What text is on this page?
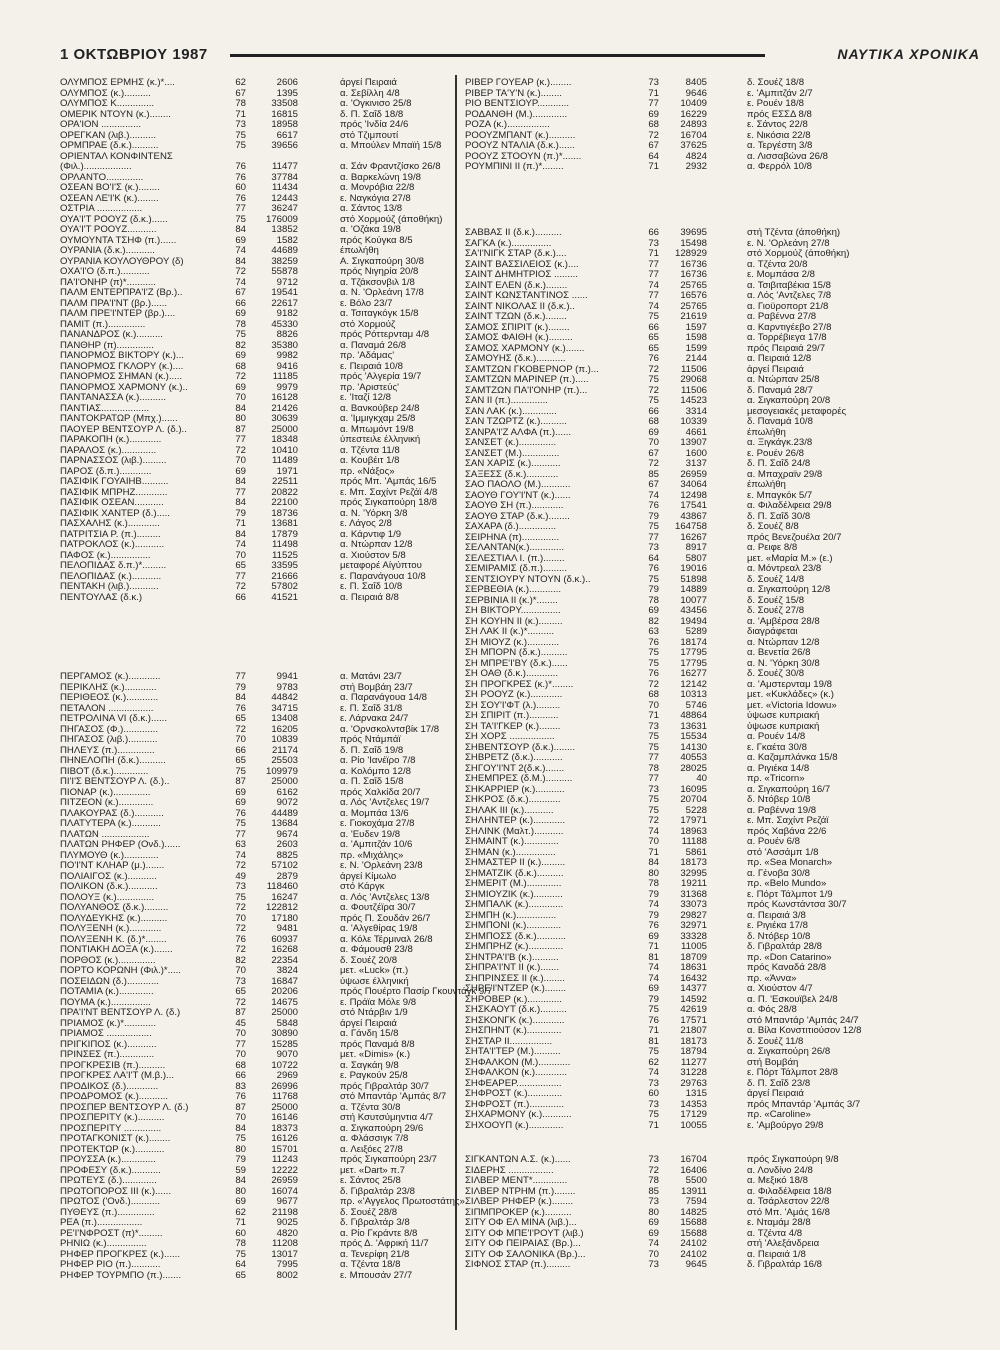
1 ΟΚΤΩΒΡΙΟΥ 1987	ΝΑΥΤΙΚΑ ΧΡΟΝΙΚΑ
ΟΛΥΜΠΟΣ ΕΡΜΗΣ (κ.)*....	62	2606	άργεί Πειραιά
ΟΛΥΜΠΟΣ (κ.)..........	67	1395	α. Σεβίλλη 4/8
ΟΛΥΜΠΟΣ Κ..............	78	33508	α. 'Ογκινισο 25/8
ΟΜΕΡΙΚ ΝΤΟΥΝ (κ.)........	71	16815	δ. Π. Σαΐδ 18/8
ΟΡΑ'ΙΟΝ ...............	73	18958	πρός 'Ινδία 24/6
ΟΡΕΓΚΑΝ (λιβ.)..........	75	6617	στό Τζιμπουτί
ΟΡΜΠΡΑΕ (δ.κ.)..........	75	39656	α. Μπούλεν Μπαϊή 15/8
ΟΡΙΕΝΤΑΛ ΚΟΝΦΙΝΤΕΝΣ
(Φιλ.)..................	76	11477	α. Σάν Φραντζίσκο 26/8
ΟΡΛΑΝΤΟ..............	76	37784	α. Βαρκελώνη 19/8
ΟΣΕΑΝ ΒΟ'Ι'Σ (κ.)........	60	11434	α. Μονρόβια 22/8
ΟΣΕΑΝ ΛΕ'Ι'Κ (κ.)........	76	12443	ε. Ναγκόγια 27/8
ΟΣΤΡΙΑ .................	77	36247	α. Σάντος 13/8
ΟΥΑ'Ι'Τ ΡΟΟΥΖ (δ.κ.)......	75	176009	στό Χορμούζ (άποθήκη)
ΟΥΑ'Ι'Τ ΡΟΟΥΖ...........	84	13852	α. 'Οζάκα 19/8
ΟΥΜΟΥΝΤΑ ΤΣΗΦ (π.)......	69	1582	πρός Κούγκα 8/5
ΟΥΡΑΝΙΑ (δ.κ.)...........	74	44689	έπωλήθη
ΟΥΡΑΝΙΑ ΚΟΥΛΟΥΘΡΟΥ (δ)	84	38259	Α. Σιγκαπούρη 30/8
ΟΧΑ'Ι'Ο (δ.π.)...........	72	55878	πρός Νιγηρία 20/8
ΠΑ'Ι'ΟΝΗΡ (π)*...........	74	9712	α. Τζάκσονβιλ 1/8
ΠΑΛΜ ΕΝΤΕΡΠΡΑ'Ι'Ζ (Βρ.)..	67	19541	α. Ν. 'Ορλεάνη 17/8
ΠΑΛΜ ΠΡΑ'Ι'ΝΤ (βρ.)......	66	22617	ε. Βόλο 23/7
ΠΑΛΜ ΠΡΕ'Ι'ΝΤΕΡ (βρ.)....	69	9182	α. Τσιταγκόγκ 15/8
ΠΑΜΙΤ (π.)..............	78	45330	στό Χορμούζ
ΠΑΝΑΝΔΡΟΣ (κ.)..........	75	8826	πρός Ρόττερνταμ 4/8
ΠΑΝΘΗΡ (π)..............	82	35380	α. Παναμά 26/8
ΠΑΝΟΡΜΟΣ ΒΙΚΤΟΡΥ (κ.)...	69	9982	πρ. 'Αδάμας'
ΠΑΝΟΡΜΟΣ ΓΚΛΟΡΥ (κ.)....	68	9416	ε. Πειραιά 10/8
ΠΑΝΟΡΜΟΣ ΣΗΜΑΝ (κ.).....	72	11185	πρός 'Αλγερία 19/7
ΠΑΝΟΡΜΟΣ ΧΑΡΜΟΝΥ (κ.)..	69	9979	πρ. 'Αριστεύς'
ΠΑΝΤΑΝΑΣΣΑ (κ.)..........	70	16128	ε. 'Ιταζί 12/8
ΠΑΝΤΙΑΣ..................	84	21426	α. Βανκούβερ 24/8
ΠΑΝΤΟΚΡΑΤΩΡ (Μπχ.)......	80	30639	α. 'Ιμμιγκχαμ 25/8
ΠΑΟΥΕΡ ΒΕΝΤΣΟΥΡ Λ. (δ.)..	87	25000	α. Μπωμόντ 19/8
ΠΑΡΑΚΟΠΗ (κ.)............	77	18348	ύπεστειλε έλληνική
ΠΑΡΑΛΟΣ (κ.).............	72	10410	α. Τζέντα 11/8
ΠΑΡΝΑΣΣΟΣ (λιβ.).........	70	11489	α. Κουβέιτ 1/8
ΠΑΡΟΣ (δ.π.)............	69	1971	πρ. «Νάξος»
ΠΑΣΙΦΙΚ ΓΟΥΑΙΗΒ..........	84	22511	πρός Μπ. 'Αμπάς 16/5
ΠΑΣΙΦΙΚ ΜΠΡΗΖ............	77	20822	ε. Μπ. Σαχίντ Ρεζάϊ 4/8
ΠΑΣΙΦΙΚ ΟΣΕΑΝ...........	84	22100	πρός Σιγκαπούρη 18/8
ΠΑΣΙΦΙΚ ΧΑΝΤΕΡ (δ.).....	79	18736	α. Ν. 'Υόρκη 3/8
ΠΑΣΧΑΛΗΣ (κ.)............	71	13681	ε. Λάγος 2/8
ΠΑΤΡΙΤΣΙΑ Ρ. (π.).........	84	17879	α. Κάρντιφ 1/9
ΠΑΤΡΟΚΛΟΣ (κ.)...........	74	11498	α. Ντώρπαν 12/8
ΠΑΦΟΣ (κ.)...............	70	11525	α. Χιούστον 5/8
ΠΕΛΟΠΙΔΑΣ δ.π.)*.........	65	33595	μεταφορέ Αίγύπτου
ΠΕΛΟΠΙΔΑΣ (κ.)...........	77	21666	ε. Παρανάγουα 10/8
ΠΕΝΤΑΚΗ (λιβ.)...........	72	57802	ε. Π. Σαΐδ 10/8
ΠΕΝΤΟΥΛΑΣ (δ.κ.)	66	41521	α. Πειραιά 8/8
ΠΕΡΓΑΜΟΣ (κ.)............	77	9941	α. Ματάνι 23/7
ΠΕΡΙΚΛΗΣ (κ.)............	79	9783	στή Βομβάη 23/7
ΠΕΡΙΘΕΟΣ (κ.)............	84	44842	α. Παρανάγουα 14/8
ΠΕΤΑΛΟΝ .................	76	34715	ε. Π. Σαΐδ 31/8
ΠΕΤΡΟΛΙΝΑ VI (δ.κ.)......	65	13408	ε. Λάρνακα 24/7
ΠΗΓΑΣΟΣ (Φ.).............	72	16205	α. 'Ορνσκολντσβίκ 17/8
ΠΗΓΑΣΟΣ (λιβ.)...........	70	10839	πρός Ντάμπάϊ
ΠΗΛΕΥΣ (π.)..............	66	21174	δ. Π. Σαΐδ 19/8
ΠΗΝΕΛΟΠΗ (δ.κ.)..........	65	25503	α. Ρίο 'Ιανέϊρο 7/8
ΠΙΒΟΤ (δ.κ.).............	75	109979	α. Κολόμπο 12/8
ΠΙ'Ι'Σ ΒΕΝΤΣΟΥΡ Λ. (δ.)..	87	25000	α. Π. Σαΐδ 15/8
ΠΙΟΝΑΡ (κ.)..............	69	6162	πρός Χαλκίδα 20/7
ΠΙΤΖΕΟΝ (κ.).............	69	9072	α. Λός 'Αντζελες 19/7
ΠΛΑΚΟΥΡΑΣ (δ.)...........	76	44489	α. Μομπάα 13/6
ΠΛΑΤΥΤΕΡΑ (κ.)...........	75	13684	ε. Γιοκοχάμα 27/8
ΠΛΑΤΩΝ ..................	77	9674	α. 'Ευδεν 19/8
ΠΛΑΤΩΝ ΡΗΦΕΡ (Ονδ.)......	63	2603	α. 'Αμπιτζάν 10/6
ΠΛΥΜΟΥΘ (κ.).............	74	8825	πρ. «Μιχάλης»
ΠΟ'Ι'ΝΤ ΚΛΗΑΡ (μ.).......	72	57102	ε. Ν. 'Ορλεάνη 23/8
ΠΟΛΙΑΙΓΟΣ (κ.)...........	49	2879	άργεί Κίμωλο
ΠΟΛΙΚΟΝ (δ.κ.)...........	73	118460	στό Κάργκ
ΠΟΛΟΥΞ (κ.)..............	75	16247	α. Λός 'Αντζελες 13/8
ΠΟΛΥΑΝΘΟΣ (δ.κ.).........	72	122812	α. Φουτζέϊρα 30/7
ΠΟΛΥΔΕΥΚΗΣ (κ.)..........	70	17180	πρός Π. Σουδάν 26/7
ΠΟΛΥΞΕΝΗ (κ.)............	72	9481	α. 'Αλγεθίρας 19/8
ΠΟΛΥΞΕΝΗ Κ. (δ.)*........	76	60937	α. Κόλε Τέρμιναλ 26/8
ΠΟΝΤΙΑΚΗ ΔΟΞΑ (κ.).......	72	16268	α. Φάμουσθ 23/8
ΠΟΡΘΟΣ (κ.)..............	82	22354	δ. Σουέζ 20/8
ΠΟΡΤΟ ΚΟΡΩΝΗ (Φιλ.)*.....	70	3824	μετ. «Luck» (π.)
ΠΟΣΕΙΔΩΝ (δ.)............	73	16847	ύψωσε έλληνική
ΠΟΤΑΜΙΑ (κ.).............	65	20206	πρός Πουέρτο Πασίρ Γκουντάγκ 9/7
ΠΟΥΜΑ (κ.)...............	72	14675	ε. Πράϊα Μόλε 9/8
ΠΡΑ'Ι'ΝΤ ΒΕΝΤΣΟΥΡ Λ. (δ.)	87	25000	στό Ντάρβιν 1/9
ΠΡΙΑΜΟΣ (κ.)*............	45	5848	άργεί Πειραιά
ΠΡΙΑΜΟΣ .................	70	30890	α. Γάνδη 15/8
ΠΡΙΓΚΙΠΟΣ (κ.)...........	77	15285	πρός Παναμά 8/8
ΠΡΙΝΣΕΣ (π.).............	70	9070	μετ. «Dimis» (κ.)
ΠΡΟΓΚΡΕΣΙΒ (π.)..........	68	10722	α. Σαγκάη 9/8
ΠΡΟΓΚΡΕΣ ΛΑ'Ι'Τ (Μ.β.)...	66	2969	ε. Ραγκούν 25/8
ΠΡΟΔΙΚΟΣ (δ.)............	83	26996	πρός Γιβραλτάρ 30/7
ΠΡΟΔΡΟΜΟΣ (κ.)...........	76	11768	στό Μπαντάρ 'Αμπάς 8/7
ΠΡΟΣΠΕΡ ΒΕΝΤΣΟΥΡ Λ. (δ.)	87	25000	α. Τζέντα 30/8
ΠΡΟΣΠΕΡΙΤΥ (κ.)..........	70	16146	στή Κσυτσύμηντια 4/7
ΠΡΟΣΠΕΡΙΤΥ ..............	84	18373	α. Σιγκαπούρη 29/6
ΠΡΟΤΑΓΚΟΝΙΣΤ (κ.)........	75	16126	α. Φλάσσιγκ 7/8
ΠΡΟΤΕΚΤΩΡ (κ.)...........	80	15701	α. Λειξόες 27/8
ΠΡΟΥΣΣΑ (κ.).............	79	11243	πρός Σιγκαπούρη 23/7
ΠΡΟΦΕΣΥ (δ.κ.)...........	59	12222	μετ. «Dart» π.7
ΠΡΩΤΕΥΣ (δ.).............	84	26959	ε. Σάντος 25/8
ΠΡΩΤΟΠΟΡΟΣ III (κ.)......	80	16074	δ. Γιβραλτάρ 23/8
ΠΡΩΤΟΣ ('Ονδ.)...........	69	9677	πρ. «'Αγγελος Πρωτοστάτης»
ΠΥΘΕΥΣ (π.)..............	62	21198	δ. Σουέζ 28/8
ΡΕΑ (π.).................	71	9025	δ. Γιβραλτάρ 3/8
ΡΕ'Ι'ΝΦΡΟΣΤ (π)*.........	60	4820	α. Ρίο Γκράντε 8/8
ΡΗΝΙΩ (κ.)...............	78	11208	πρός Δ. 'Αφρική 11/7
ΡΗΦΕΡ ΠΡΟΓΚΡΕΣ (κ.)......	75	13017	α. Τενερίφη 21/8
ΡΗΦΕΡ ΡΙΟ (π.)...........	64	7995	α. Τζέντα 18/8
ΡΗΦΕΡ ΤΟΥΡΜΠΟ (π.).......	65	8002	ε. Μπουσάν 27/7
ΡΙΒΕΡ ΓΟΥΕΑΡ (κ.)........	73	8405	δ. Σουέζ 18/8
ΡΙΒΕΡ ΤΑ'Υ'Ν (κ.)........	71	9646	ε. 'Αμπιτζάν 2/7
ΡΙΟ ΒΕΝΤΣΙΟΥΡ............	77	10409	ε. Ρουέν 18/8
ΡΟΔΑΝΘΗ (Μ.).............	69	16229	πρός ΕΣΣΔ 8/8
ΡΟΖΑ (κ.)................	68	24893	ε. Σάντος 22/8
ΡΟΟΥΖΜΠΑΝΤ (κ.)..........	72	16704	ε. Νικόσια 22/8
ΡΟΟΥΖ ΝΤΑΛΙΑ (δ.κ.)......	67	37625	α. Τεργέστη 3/8
ΡΟΟΥΖ ΣΤΟΟΥΝ (π.)*.......	64	4824	α. Λισσαβώνα 26/8
ΡΟΥΜΠΙΝΙ II (π.)*........	71	2932	α. Φερρόλ 10/8
ΣΑΒΒΑΣ II (δ.κ.)..........	66	39695	στή Τζέντα (άποθήκη)
ΣΑΓΚΑ (κ.)...............	73	15498	ε. Ν. 'Ορλεάνη 27/8
ΣΑ'Ι'ΝΙΓΚ ΣΤΑΡ (δ.κ.)....	71	128929	στό Χορμούζ (άποθήκη)
ΣΑΙΝΤ ΒΑΣΣΙΛΕΙΟΣ (κ.)....	77	16736	α. Τζέντα 20/8
ΣΑΙΝΤ ΔΗΜΗΤΡΙΟΣ .........	77	16736	ε. Μομπάσα 2/8
ΣΑΙΝΤ ΕΛΕΝ (δ.κ.)........	74	25765	α. Τσιβιταβέκια 15/8
ΣΑΙΝΤ ΚΩΝΣΤΑΝΤΙΝΟΣ ......	77	16576	α. Λός 'Αντζελες 7/8
ΣΑΙΝΤ ΝΙΚΟΛΑΣ II (δ.κ.)..	74	25765	α. Γιοϋροπορτ 21/8
ΣΑΙΝΤ ΤΖΩΝ (δ.κ.)........	75	21619	α. Ραβέννα 27/8
ΣΑΜΟΣ ΣΠΙΡΙΤ (κ.)........	66	1597	α. Καρντιγέεβο 27/8
ΣΑΜΟΣ ΦΑΙΘΗ (κ.).........	65	1598	α. Τορρέβιεγα 17/8
ΣΑΜΟΣ ΧΑΡΜΟΝΥ (κ.).......	65	1599	πρός Πειραιά 29/7
ΣΑΜΟΥΗΣ (δ.κ.)...........	76	2144	α. Πειραιά 12/8
ΣΑΜΤΖΩΝ ΓΚΟΒΕΡΝΟΡ (π.)...	72	11506	άργεί Πειραιά
ΣΑΜΤΖΩΝ ΜΑΡΙΝΕΡ (π.).....	75	29068	α. Ντώρπαν 25/8
ΣΑΜΤΖΩΝ ΠΑ'Ι'ΟΝΗΡ (π.)...	72	11506	δ. Παναμά 28/7
ΣΑΝ II (π.)..............	75	14523	α. Σιγκαπούρη 20/8
ΣΑΝ ΛΑΚ (κ.).............	66	3314	μεσογειακές μεταφορές
ΣΑΝ ΤΖΩΡΤΖ (κ.)..........	68	10339	δ. Παναμά 10/8
ΣΑΝΡΑ'Ι'Ζ ΑΛΦΑ (π.)......	69	4661	έπωλήθη
ΣΑΝΣΕΤ (κ.)..............	70	13907	α. Ξιγκάγκ.23/8
ΣΑΝΣΕΤ (Μ.)..............	67	1600	ε. Ρουέν 26/8
ΣΑΝ ΧΑΡΙΣ (κ.)...........	72	3137	δ. Π. Σαΐδ 24/8
ΣΑΞΕΣΣ (δ.κ.)............	85	26959	α. Μπαχραϊν 29/8
ΣΑΟ ΠΑΟΛΟ (Μ.)...........	67	34064	έπωλήθη
ΣΑΟΥΘ ΓΟΥ'Ι'ΝΤ (κ.)......	74	12498	ε. Μπαγκόκ 5/7
ΣΑΟΥΘ ΣΗ (π.)............	76	17541	α. Φιλαδέλφεια 29/8
ΣΑΟΥΘ ΣΤΑΡ (δ.κ.)........	79	43867	δ. Π. Σαΐδ 30/8
ΣΑΧΑΡΑ (δ.)..............	75	164758	δ. Σουέζ 8/8
ΣΕΙΡΗΝΑ (π)..............	77	16267	πρός Βενεζουέλα 20/7
ΣΕΛΑΝΤΑΝ(κ.).............	73	8917	α. Ρειφε 8/8
ΣΕΛΕΣΤΙΑΛ I. (π.)........	64	5807	μετ. «Μαρία Μ.» (ε.)
ΣΕΜΙΡΑΜΙΣ (δ.π.).........	76	19016	α. Μόντρεαλ 23/8
ΣΕΝΤΣΙΟΥΡΥ ΝΤΟΥΝ (δ.κ.)..	75	51898	δ. Σουέζ 14/8
ΣΕΡΒΕΘΙΑ (κ.)............	79	14889	α. Σιγκαπούρη 12/8
ΣΕΡΒΙΝΙΑ II (κ.)*........	78	10077	δ. Σουέζ 15/8
ΣΗ ΒΙΚΤΟΡΥ...............	69	43456	δ. Σουέζ 27/8
ΣΗ ΚΟΥΗΝ II (κ.).........	82	19494	α. 'Αμβέρσα 28/8
ΣΗ ΛΑΚ II (κ.)*..........	63	5289	διαγράφεται
ΣΗ ΜΙΟΥΖ (κ.)............	76	18174	α. Ντώρπαν 12/8
ΣΗ ΜΠΟΡΝ (δ.κ.)..........	75	17795	α. Βενετία 26/8
ΣΗ ΜΠΡΕ'Ι'ΒΥ (δ.κ.)......	75	17795	α. Ν. 'Υόρκη 30/8
ΣΗ ΟΑΘ (δ.κ.)............	76	16277	δ. Σουέζ 30/8
ΣΗ ΠΡΟΓΚΡΕΣ (κ.)*........	72	12142	α. 'Αμστερνταμ 19/8
ΣΗ ΡΟΟΥΖ (κ.)............	68	10313	μετ. «Κυκλάδες» (κ.)
ΣΗ ΣΟΥ'Ι'ΦΤ (λ.).........	70	5746	μετ. «Victoria Idowu»
ΣΗ ΣΠΙΡΙΤ (π.)...........	71	48864	ύψωσε κυπριακή
ΣΗ ΤΑ'Ι'ΓΚΕΡ (κ.)........	73	13631	ύψωσε κυπριακή
ΣΗ ΧΟΡΣ .................	75	15534	α. Ρουέν 14/8
ΣΗΒΕΝΤΣΟΥΡ (δ.κ.)........	75	14130	ε. Γκαέτα 30/8
ΣΗΒΡΕΤΖ (δ.κ.)...........	77	40553	α. Καζαμπλάνκα 15/8
ΣΗΓΟΥ'Ι'ΝΤ 2(δ.κ.).......	78	28025	α. Ριγιέκα 14/8
ΣΗΕΜΠΡΕΣ (δ.Μ.)..........	77	40	πρ. «Tricorn»
ΣΗΚΑΡΡΙΕΡ (κ.)...........	73	16095	α. Σιγκαπούρη 16/7
ΣΗΚΡΟΣ (δ.κ.)............	75	20704	δ. Ντόβερ 10/8
ΣΗΛΑΚ III (κ.)...........	75	5228	α. Ραβέννα 19/8
ΣΗΛΗΝΤΕΡ (κ.)............	72	17971	ε. Μπ. Σαχίντ Ρεζάϊ
ΣΗΛΙΝΚ (Μαλτ.)...........	74	18963	πρός Χαβάνα 22/6
ΣΗΜΑΙΝΤ (κ.).............	70	11188	α. Ρουέν 6/8
ΣΗΜΑΝ (κ.)...............	71	5861	στό 'Ασσάμπ 1/8
ΣΗΜΑΣΤΕΡ II (κ.).........	84	18173	πρ. «Sea Monarch»
ΣΗΜΑΤΖΙΚ (δ.κ.)..........	80	32995	α. Γένοβα 30/8
ΣΗΜΕΡΙΤ (Μ.).............	78	19211	πρ. «Belo Mundo»
ΣΗΜΙΟΥΖΙΚ (κ.)...........	79	31368	ε. Πόρτ Τάλμποτ 1/9
ΣΗΜΠΑΛΚ (κ.).............	74	33073	πρός Κωνστάντσα 30/7
ΣΗΜΠΗ (κ.)...............	79	29827	α. Πειραιά 3/8
ΣΗΜΠΟΝΙ (κ.).............	76	32971	ε. Ριγιέκα 17/8
ΣΗΜΠΟΣΣ (δ.κ.)...........	69	33328	δ. Ντόβερ 10/8
ΣΗΜΠΡΗΖ (κ.).............	71	11005	δ. Γιβραλτάρ 28/8
ΣΗΝΤΡΑ'Ι'Β (κ.)..........	81	18709	πρ. «Don Catarino»
ΣΗΠΡΑ'Ι'ΝΤ II (κ.).......	74	18631	πρός Καναδά 28/8
ΣΗΠΡΙΝΣΕΣ II (κ.)........	74	16432	πρ. «Άννα»
ΣΗΡΕ'Ι'ΝΤΖΕΡ (κ.)........	69	14377	α. Χιούστον 4/7
ΣΗΡΟΒΕΡ (κ.).............	79	14592	α. Π. 'Εσκουϊβελ 24/8
ΣΗΣΚΑΟΥΤ (δ.κ.)..........	75	42619	α. Φός 28/8
ΣΗΣΚΟΝΓΚ (κ.)............	76	17571	στό Μπαντάρ 'Αμπάς 24/7
ΣΗΣΠΗΝΤ (κ.).............	71	21807	α. Βίλα Κονστιτιούσον 12/8
ΣΗΣΤΑΡ II................	81	18173	δ. Σουέζ 11/8
ΣΗΤΑ'Ι'ΤΕΡ (Μ.)..........	75	18794	α. Σιγκαπούρη 26/8
ΣΗΦΑΛΚΟΝ (Μ.)............	62	11277	στή Βομβάη
ΣΗΦΑΛΚΟΝ (κ.)............	74	31228	ε. Πόρτ Τάλμποτ 28/8
ΣΗΦΕΑΡΕΡ.................	73	29763	δ. Π. Σαΐδ 23/8
ΣΗΦΡΟΣΤ (κ.).............	60	1315	άργεί Πειραιά
ΣΗΦΡΟΣΤ (π.).............	73	14353	πρός Μπαντάρ 'Αμπάς 3/7
ΣΗΧΑΡΜΟΝΥ (κ.)...........	75	17129	πρ. «Caroline»
ΣΗΧΟΟΥΠ (κ.).............	71	10055	ε. 'Αμβούργο 29/8
ΣΙΓΚΑΝΤΩΝ Α.Σ. (κ.)......	73	16704	πρός Σιγκαπούρη 9/8
ΣΙΔΕΡΗΣ .................	72	16406	α. Λονδίνο 24/8
ΣΙΛΒΕΡ ΜΕΝΤ*.............	78	5500	α. Μεξικό 18/8
ΣΙΛΒΕΡ ΝΤΡΗΜ (π.)........	85	13911	α. Φιλαδέλφεια 18/8
ΣΙΛΒΕΡ ΡΗΦΕΡ (κ.)........	73	7594	α. Τσάρλεστον 22/8
ΣΙΠΜΠΡΟΚΕΡ (κ.)..........	80	14825	στό Μπ. 'Αμάς 16/8
ΣΙΤΥ ΟΦ ΕΛ ΜΙΝΑ (λιβ.)...	69	15688	ε. Νταμάμ 28/8
ΣΙΤΥ ΟΦ ΜΠΕ'Ι'ΡΟΥΤ (λιβ.)	69	15688	α. Τζέντα 4/8
ΣΙΤΥ ΟΦ ΠΕΙΡΑΙΑΣ (Βρ.)...	74	24102	στή 'Αλεξάνδρεια
ΣΙΤΥ ΟΦ ΣΑΛΟΝΙΚΑ (Βρ.)...	70	24102	α. Πειραιά 1/8
ΣΙΦΝΟΣ ΣΤΑΡ (π.).........	73	9645	δ. Γιβραλτάρ 16/8
